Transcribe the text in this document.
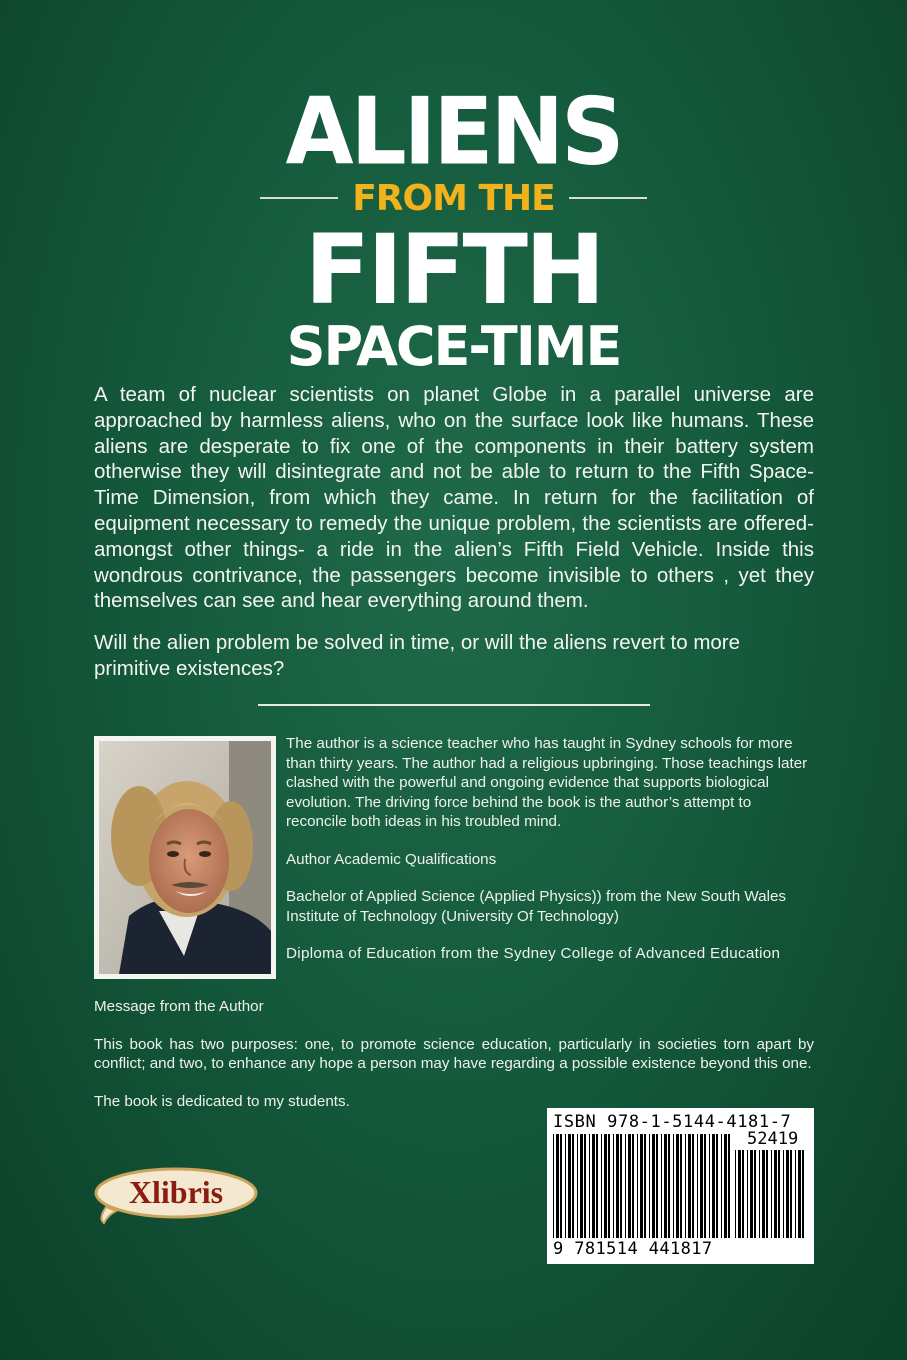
ALIENS
FROM THE
FIFTH
SPACE-TIME

A team of nuclear scientists on planet Globe in a parallel universe are approached by harmless aliens, who on the surface look like humans. These aliens are desperate to fix one of the components in their battery system otherwise they will disintegrate and not be able to return to the Fifth Space-Time Dimension, from which they came. In return for the facilitation of equipment necessary to remedy the unique problem, the scientists are offered- amongst other things- a ride in the alien’s Fifth Field Vehicle. Inside this wondrous contrivance, the passengers become invisible to others , yet they themselves can see and hear everything around them.

Will the alien problem be solved in time, or will the aliens revert to more primitive existences?

The author is a science teacher who has taught in Sydney schools for more than thirty years. The author had a religious upbringing. Those teachings later clashed with the powerful and ongoing evidence that supports biological evolution. The driving force behind the book is the author’s attempt to reconcile both ideas in his troubled mind.

Author Academic Qualifications

Bachelor of Applied Science (Applied Physics)) from the New South Wales Institute of Technology (University Of Technology)

Diploma of Education from the Sydney College of Advanced Education

Message from the Author

This book has two purposes: one, to promote science education, particularly in societies torn apart by conflict; and two, to enhance any hope a person may have regarding a possible existence beyond this one.

The book is dedicated to my students.

Xlibris
ISBN 978-1-5144-4181-7
52419
9 781514 441817
